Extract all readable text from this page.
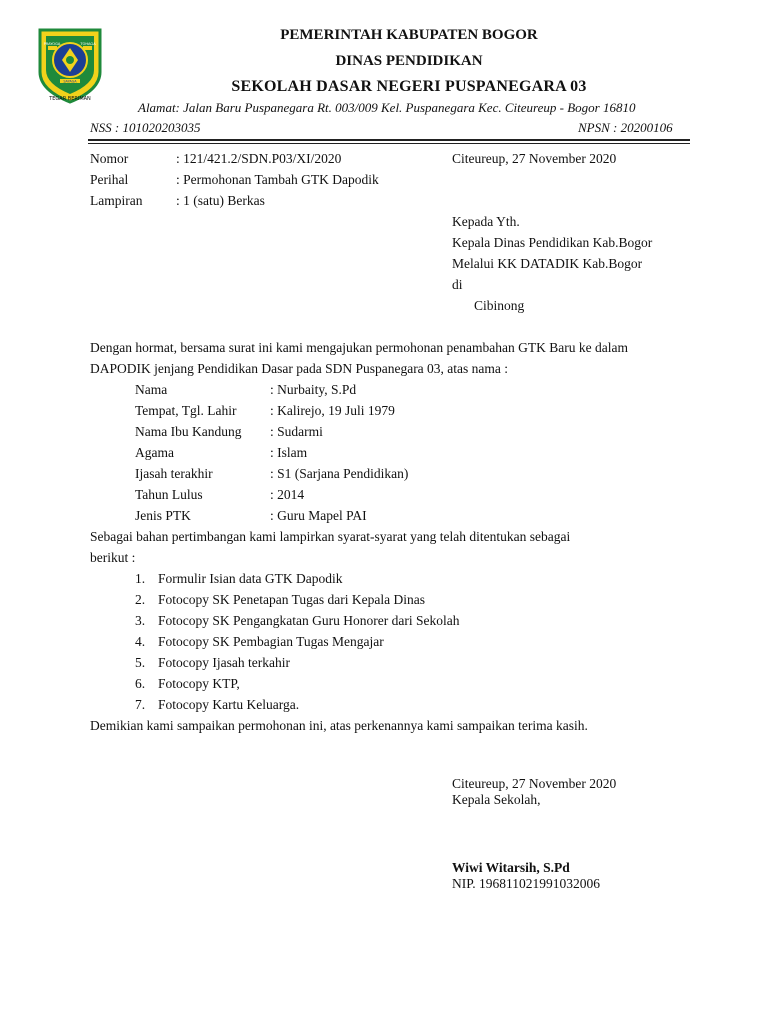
TEGAR BERIMAN
PRAYOGA	TOHAGA
SAYAGA
PEMERINTAH KABUPATEN BOGOR
DINAS PENDIDIKAN
SEKOLAH DASAR NEGERI PUSPANEGARA 03
Alamat: Jalan Baru Puspanegara Rt. 003/009 Kel. Puspanegara Kec. Citeureup - Bogor 16810
NSS : 101020203035	NPSN : 20200106
Nomor	: 121/421.2/SDN.P03/XI/2020	Citeureup, 27 November 2020
Perihal	: Permohonan Tambah GTK Dapodik
Lampiran : 1 (satu) Berkas
Kepada Yth.
Kepala Dinas Pendidikan Kab.Bogor
Melalui KK DATADIK Kab.Bogor
di
Cibinong
Dengan hormat, bersama surat ini kami mengajukan permohonan penambahan GTK Baru ke dalam
DAPODIK jenjang Pendidikan Dasar pada SDN Puspanegara 03, atas nama :
Nama	: Nurbaity, S.Pd
Tempat, Tgl. Lahir : Kalirejo, 19 Juli 1979
Nama Ibu Kandung : Sudarmi
Agama	: Islam
Ijasah terakhir	: S1 (Sarjana Pendidikan)
Tahun Lulus	: 2014
Jenis PTK	: Guru Mapel PAI
Sebagai bahan pertimbangan kami lampirkan syarat-syarat yang telah ditentukan sebagai
berikut :
1. Formulir Isian data GTK Dapodik
2. Fotocopy SK Penetapan Tugas dari Kepala Dinas
3. Fotocopy SK Pengangkatan Guru Honorer dari Sekolah
4. Fotocopy SK Pembagian Tugas Mengajar
5. Fotocopy Ijasah terkahir
6. Fotocopy KTP,
7. Fotocopy Kartu Keluarga.
Demikian kami sampaikan permohonan ini, atas perkenannya kami sampaikan terima kasih.
Citeureup, 27 November 2020
Kepala Sekolah,
Wiwi Witarsih, S.Pd
NIP. 196811021991032006
